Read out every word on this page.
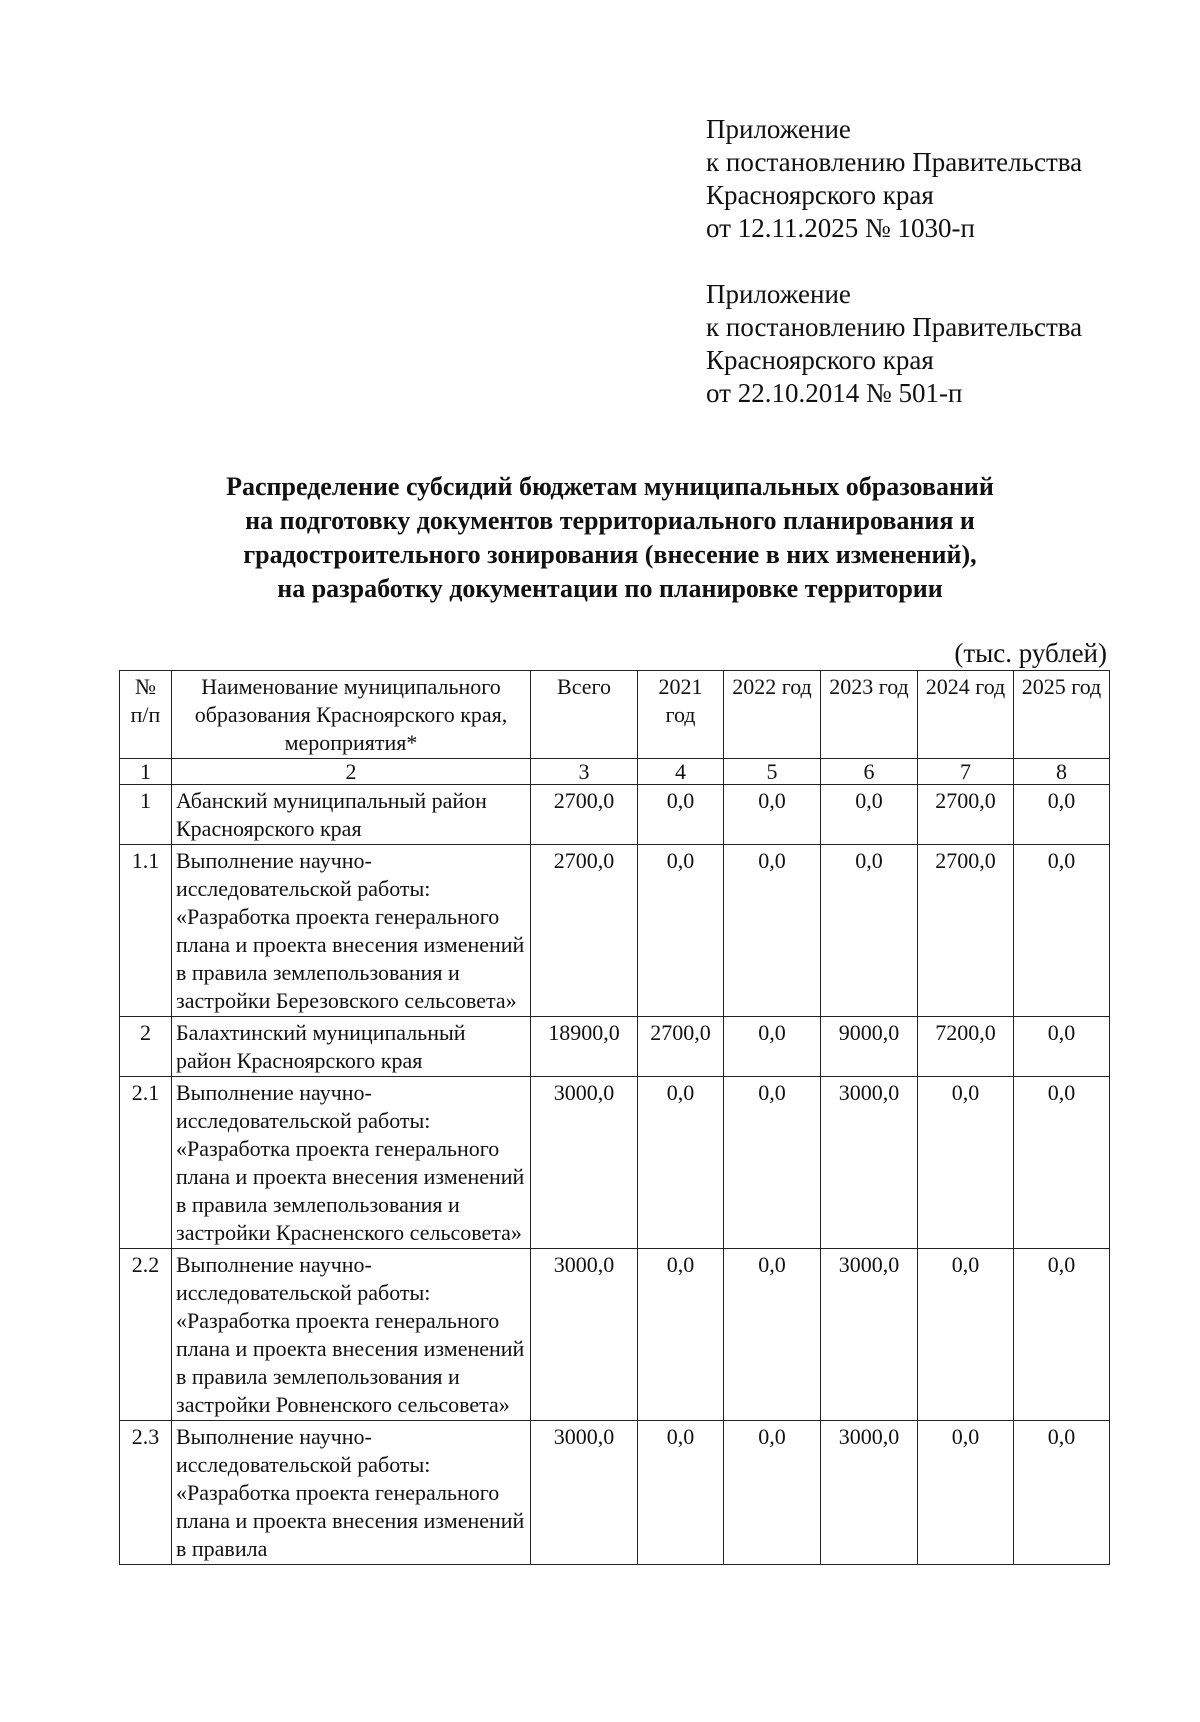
Приложение
к постановлению Правительства
Красноярского края
от 12.11.2025 № 1030-п
Приложение
к постановлению Правительства
Красноярского края
от 22.10.2014 № 501-п
Распределение субсидий бюджетам муниципальных образований
на подготовку документов территориального планирования и
градостроительного зонирования (внесение в них изменений),
на разработку документации по планировке территории
(тыс. рублей)
№ п/п	Наименование муниципального образования Красноярского края, мероприятия*	Всего	2021 год	2022 год	2023 год	2024 год	2025 год
1	2	3	4	5	6	7	8
1	Абанский муниципальный район Красноярского края	2700,0	0,0	0,0	0,0	2700,0	0,0
1.1	Выполнение научно-исследовательской работы: «Разработка проекта генерального плана и проекта внесения изменений в правила землепользования и застройки Березовского сельсовета»	2700,0	0,0	0,0	0,0	2700,0	0,0
2	Балахтинский муниципальный район Красноярского края	18900,0	2700,0	0,0	9000,0	7200,0	0,0
2.1	Выполнение научно-исследовательской работы: «Разработка проекта генерального плана и проекта внесения изменений в правила землепользования и застройки Красненского сельсовета»	3000,0	0,0	0,0	3000,0	0,0	0,0
2.2	Выполнение научно-исследовательской работы: «Разработка проекта генерального плана и проекта внесения изменений в правила землепользования и застройки Ровненского сельсовета»	3000,0	0,0	0,0	3000,0	0,0	0,0
2.3	Выполнение научно-исследовательской работы: «Разработка проекта генерального плана и проекта внесения изменений в правила	3000,0	0,0	0,0	3000,0	0,0	0,0
